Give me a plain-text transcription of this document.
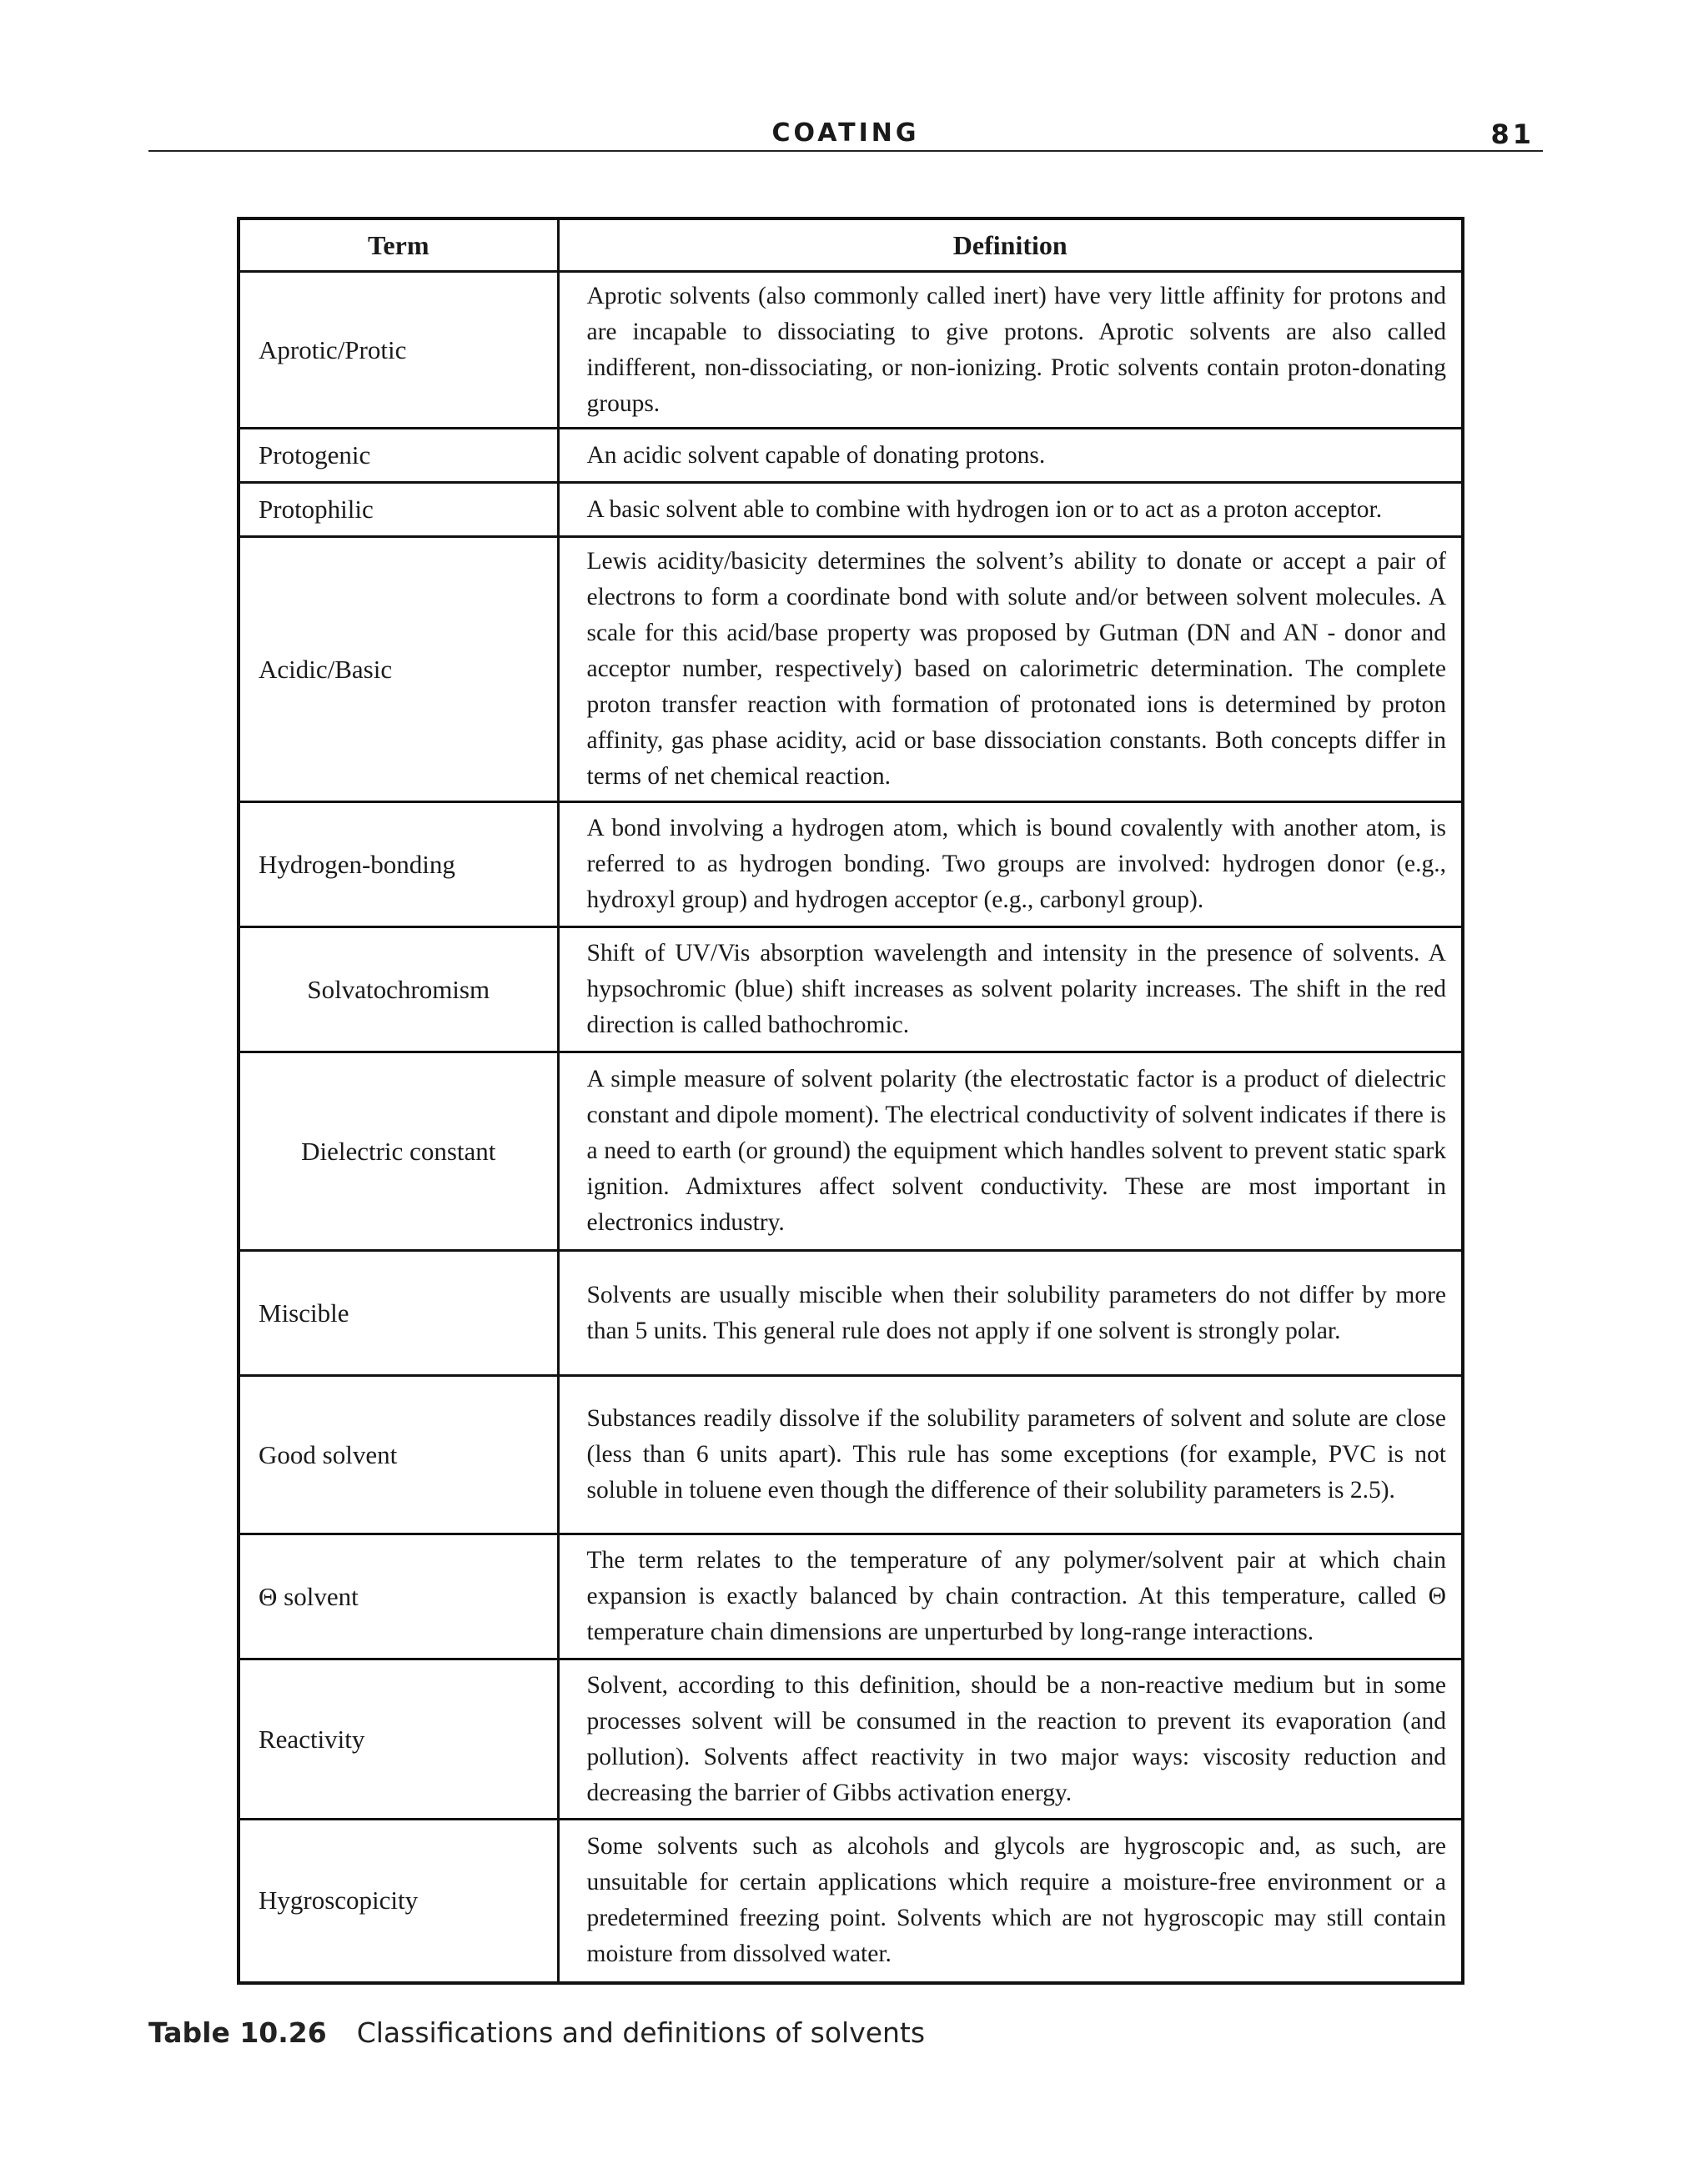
COATING	81
Term	Definition
Aprotic/Protic	Aprotic solvents (also commonly called inert) have very little affinity for protons and are incapable to dissociating to give protons. Aprotic solvents are also called indifferent, non-dissociating, or non-ionizing. Protic solvents contain proton-donating groups.
Protogenic	An acidic solvent capable of donating protons.
Protophilic	A basic solvent able to combine with hydrogen ion or to act as a proton acceptor.
Acidic/Basic	Lewis acidity/basicity determines the solvent’s ability to donate or accept a pair of electrons to form a coordinate bond with solute and/or between solvent molecules. A scale for this acid/base property was proposed by Gutman (DN and AN - donor and acceptor number, respectively) based on calorimetric determination. The complete proton transfer reaction with formation of protonated ions is determined by proton affinity, gas phase acidity, acid or base dissociation constants. Both concepts differ in terms of net chemical reaction.
Hydrogen-bonding	A bond involving a hydrogen atom, which is bound covalently with another atom, is referred to as hydrogen bonding. Two groups are involved: hydrogen donor (e.g., hydroxyl group) and hydrogen acceptor (e.g., carbonyl group).
Solvatochromism	Shift of UV/Vis absorption wavelength and intensity in the presence of solvents. A hypsochromic (blue) shift increases as solvent polarity increases. The shift in the red direction is called bathochromic.
Dielectric constant	A simple measure of solvent polarity (the electrostatic factor is a product of dielectric constant and dipole moment). The electrical conductivity of solvent indicates if there is a need to earth (or ground) the equipment which handles solvent to prevent static spark ignition. Admixtures affect solvent conductivity. These are most important in electronics industry.
Miscible	Solvents are usually miscible when their solubility parameters do not differ by more than 5 units. This general rule does not apply if one solvent is strongly polar.
Good solvent	Substances readily dissolve if the solubility parameters of solvent and solute are close (less than 6 units apart). This rule has some exceptions (for example, PVC is not soluble in toluene even though the difference of their solubility parameters is 2.5).
Θ solvent	The term relates to the temperature of any polymer/solvent pair at which chain expansion is exactly balanced by chain contraction. At this temperature, called Θ temperature chain dimensions are unperturbed by long-range interactions.
Reactivity	Solvent, according to this definition, should be a non-reactive medium but in some processes solvent will be consumed in the reaction to prevent its evaporation (and pollution). Solvents affect reactivity in two major ways: viscosity reduction and decreasing the barrier of Gibbs activation energy.
Hygroscopicity	Some solvents such as alcohols and glycols are hygroscopic and, as such, are unsuitable for certain applications which require a moisture-free environment or a predetermined freezing point. Solvents which are not hygroscopic may still contain moisture from dissolved water.
Table 10.26 Classifications and definitions of solvents
